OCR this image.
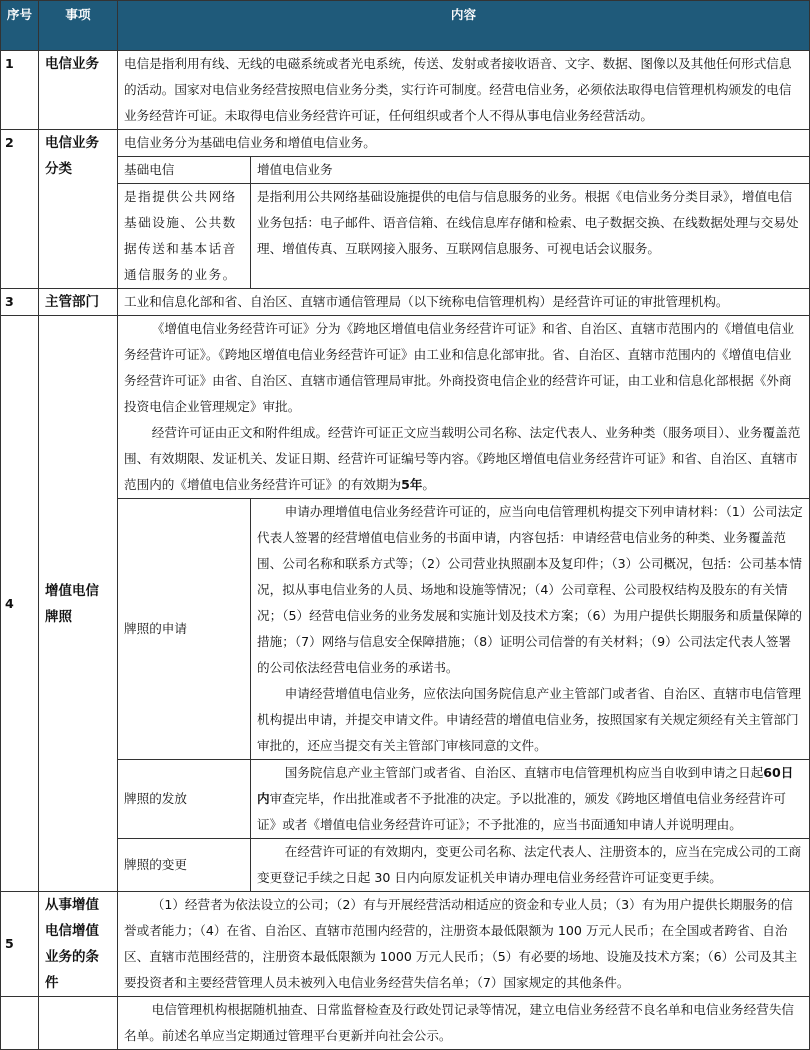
序号	事项	内容	
1	电信业务	电信是指利用有线、无线的电磁系统或者光电系统，传送、发射或者接收语音、文字、数据、图像以及其他任何形式信息的活动。国家对电信业务经营按照电信业务分类，实行许可制度。经营电信业务，必须依法取得电信管理机构颁发的电信业务经营许可证。未取得电信业务经营许可证，任何组织或者个人不得从事电信业务经营活动。	
2	电信业务分类	电信业务分为基础电信业务和增值电信业务。	
		基础电信	增值电信业务
		是指提供公共网络基础设施、公共数据传送和基本话音通信服务的业务。	是指利用公共网络基础设施提供的电信与信息服务的业务。根据《电信业务分类目录》，增值电信业务包括：电子邮件、语音信箱、在线信息库存储和检索、电子数据交换、在线数据处理与交易处理、增值传真、互联网接入服务、互联网信息服务、可视电话会议服务。
3	主管部门	工业和信息化部和省、自治区、直辖市通信管理局（以下统称电信管理机构）是经营许可证的审批管理机构。	
4	增值电信牌照	《增值电信业务经营许可证》分为《跨地区增值电信业务经营许可证》和省、自治区、直辖市范围内的《增值电信业务经营许可证》。《跨地区增值电信业务经营许可证》由工业和信息化部审批。省、自治区、直辖市范围内的《增值电信业务经营许可证》由省、自治区、直辖市通信管理局审批。外商投资电信企业的经营许可证，由工业和信息化部根据《外商投资电信企业管理规定》审批。

经营许可证由正文和附件组成。经营许可证正文应当载明公司名称、法定代表人、业务种类（服务项目）、业务覆盖范围、有效期限、发证机关、发证日期、经营许可证编号等内容。《跨地区增值电信业务经营许可证》和省、自治区、直辖市范围内的《增值电信业务经营许可证》的有效期为5年。	

		牌照的申请	申请办理增值电信业务经营许可证的，应当向电信管理机构提交下列申请材料：（1）公司法定代表人签署的经营增值电信业务的书面申请，内容包括：申请经营电信业务的种类、业务覆盖范围、公司名称和联系方式等；（2）公司营业执照副本及复印件；（3）公司概况，包括：公司基本情况，拟从事电信业务的人员、场地和设施等情况；（4）公司章程、公司股权结构及股东的有关情况；（5）经营电信业务的业务发展和实施计划及技术方案；（6）为用户提供长期服务和质量保障的措施；（7）网络与信息安全保障措施；（8）证明公司信誉的有关材料；（9）公司法定代表人签署的公司依法经营电信业务的承诺书。

申请经营增值电信业务，应依法向国务院信息产业主管部门或者省、自治区、直辖市电信管理机构提出申请，并提交申请文件。申请经营的增值电信业务，按照国家有关规定须经有关主管部门审批的，还应当提交有关主管部门审核同意的文件。

		牌照的发放	国务院信息产业主管部门或者省、自治区、直辖市电信管理机构应当自收到申请之日起60日内审查完毕，作出批准或者不予批准的决定。予以批准的，颁发《跨地区增值电信业务经营许可证》或者《增值电信业务经营许可证》；不予批准的，应当书面通知申请人并说明理由。

		牌照的变更	在经营许可证的有效期内，变更公司名称、法定代表人、注册资本的，应当在完成公司的工商变更登记手续之日起 30 日内向原发证机关申请办理电信业务经营许可证变更手续。

5	从事增值电信增值业务的条件	（1）经营者为依法设立的公司；（2）有与开展经营活动相适应的资金和专业人员；（3）有为用户提供长期服务的信誉或者能力；（4）在省、自治区、直辖市范围内经营的，注册资本最低限额为 100 万元人民币；在全国或者跨省、自治区、直辖市范围经营的，注册资本最低限额为 1000 万元人民币；（5）有必要的场地、设施及技术方案；（6）公司及其主要投资者和主要经营管理人员未被列入电信业务经营失信名单；（7）国家规定的其他条件。	

		电信管理机构根据随机抽查、日常监督检查及行政处罚记录等情况，建立电信业务经营不良名单和电信业务经营失信名单。前述名单应当定期通过管理平台更新并向社会公示。	
